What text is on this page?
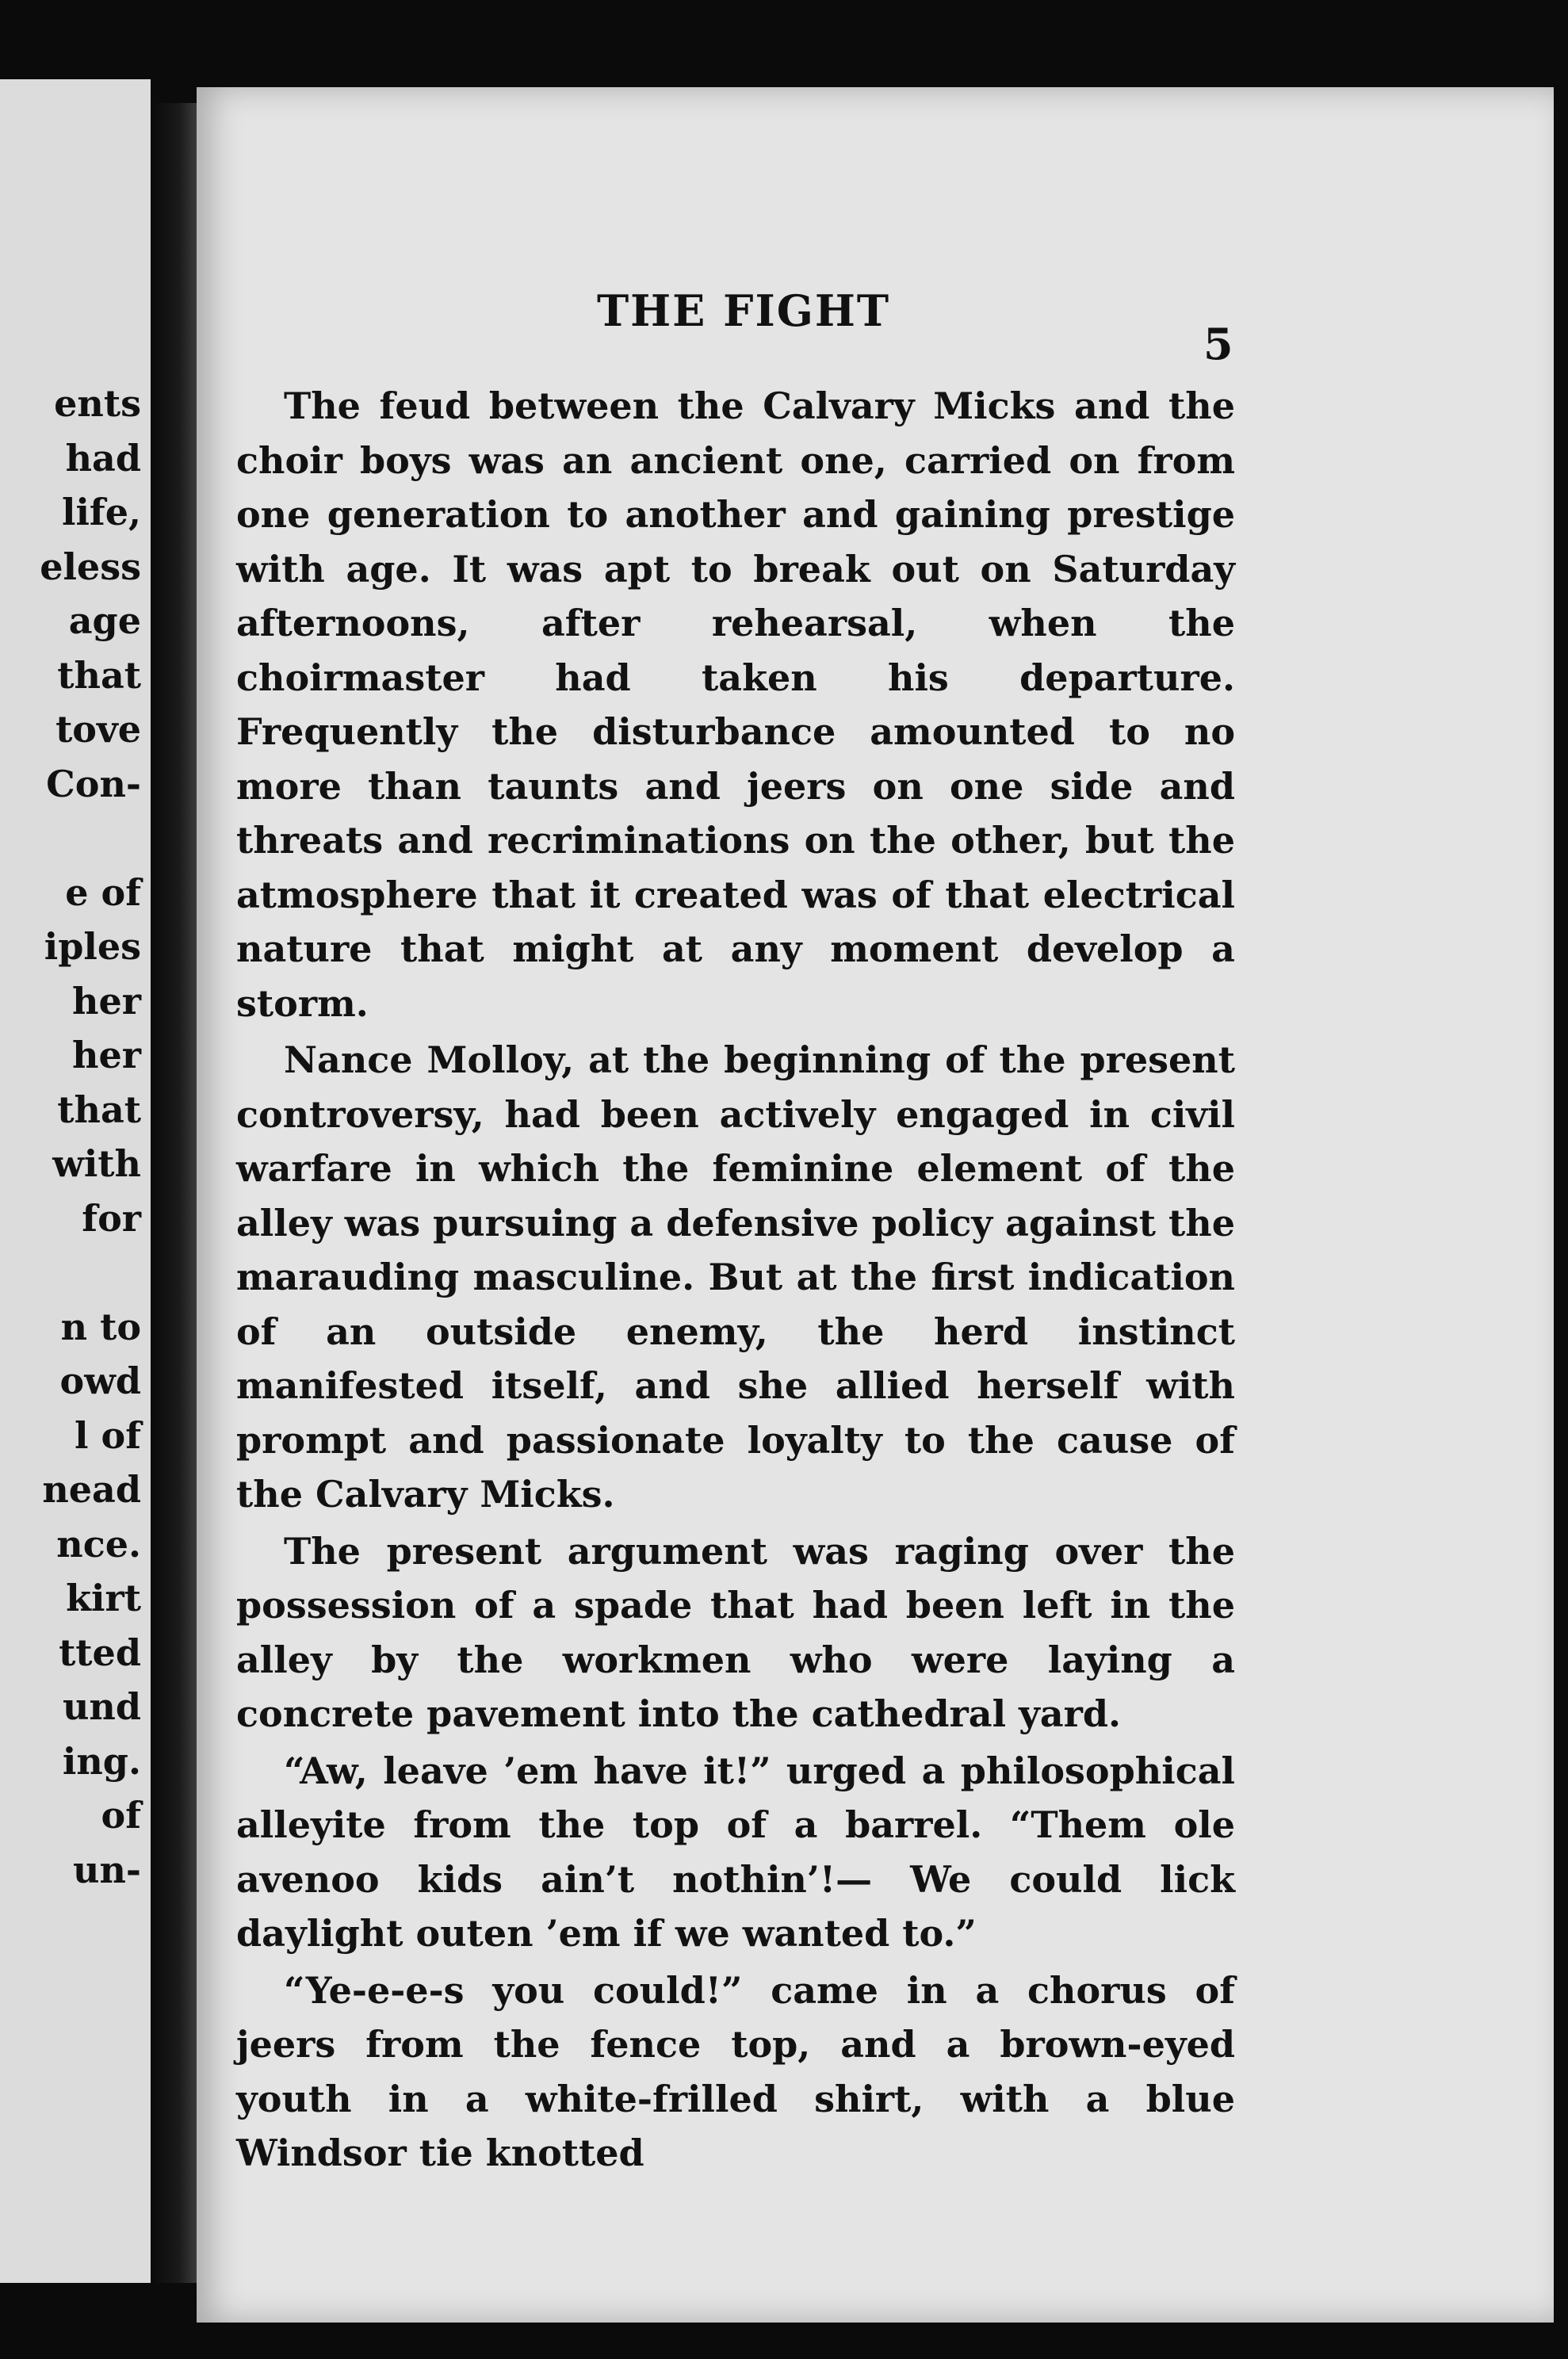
ents
had
life,
eless
age
that
tove
Con-
e of
iples
her
her
that
with
for
n to
owd
l of
nead
nce.
kirt
tted
und
ing.
of
un-
THE FIGHT
5

The feud between the Calvary Micks and the choir boys was an ancient one, carried on from one generation to another and gaining prestige with age. It was apt to break out on Saturday afternoons, after rehearsal, when the choirmaster had taken his departure. Frequently the disturbance amounted to no more than taunts and jeers on one side and threats and recriminations on the other, but the atmosphere that it created was of that electrical nature that might at any moment develop a storm.

Nance Molloy, at the beginning of the present controversy, had been actively engaged in civil warfare in which the feminine element of the alley was pursuing a defensive policy against the marauding masculine. But at the first indication of an outside enemy, the herd instinct manifested itself, and she allied herself with prompt and passionate loyalty to the cause of the Calvary Micks.

The present argument was raging over the possession of a spade that had been left in the alley by the workmen who were laying a concrete pavement into the cathedral yard.

“Aw, leave ’em have it!” urged a philosophical alleyite from the top of a barrel. “Them ole avenoo kids ain’t nothin’!— We could lick daylight outen ’em if we wanted to.”

“Ye-e-e-s you could!” came in a chorus of jeers from the fence top, and a brown-eyed youth in a white-frilled shirt, with a blue Windsor tie knotted
